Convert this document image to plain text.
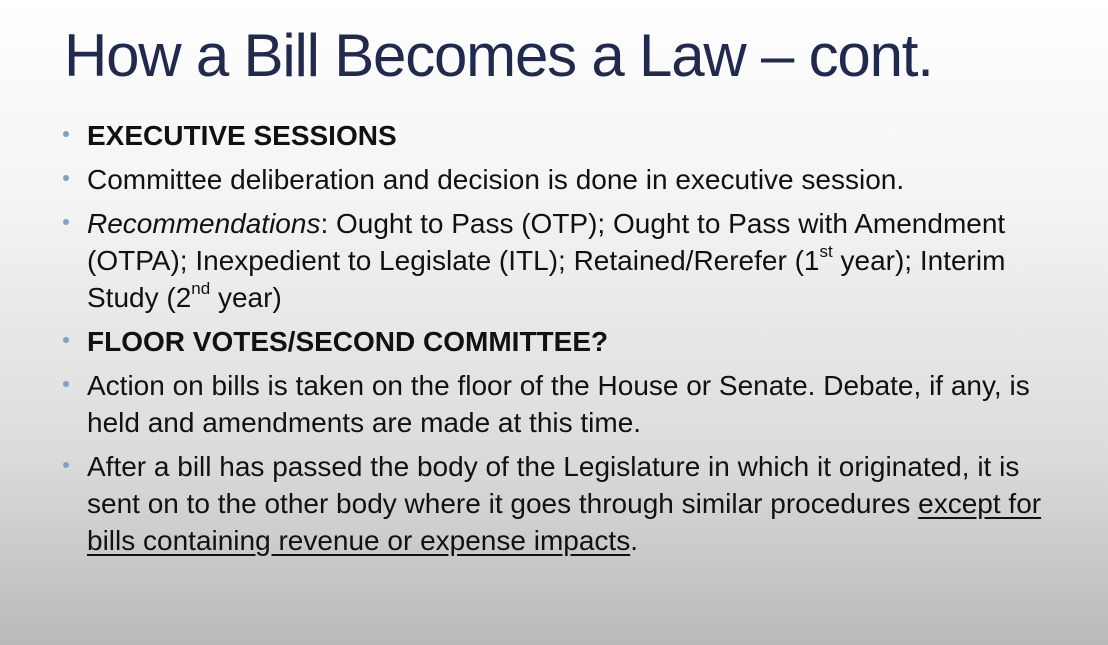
How a Bill Becomes a Law – cont.
EXECUTIVE SESSIONS
Committee deliberation and decision is done in executive session.
Recommendations: Ought to Pass (OTP); Ought to Pass with Amendment (OTPA); Inexpedient to Legislate (ITL); Retained/Rerefer (1st year); Interim Study (2nd year)
FLOOR VOTES/SECOND COMMITTEE?
Action on bills is taken on the floor of the House or Senate. Debate, if any, is held and amendments are made at this time.
After a bill has passed the body of the Legislature in which it originated, it is sent on to the other body where it goes through similar procedures except for bills containing revenue or expense impacts.
